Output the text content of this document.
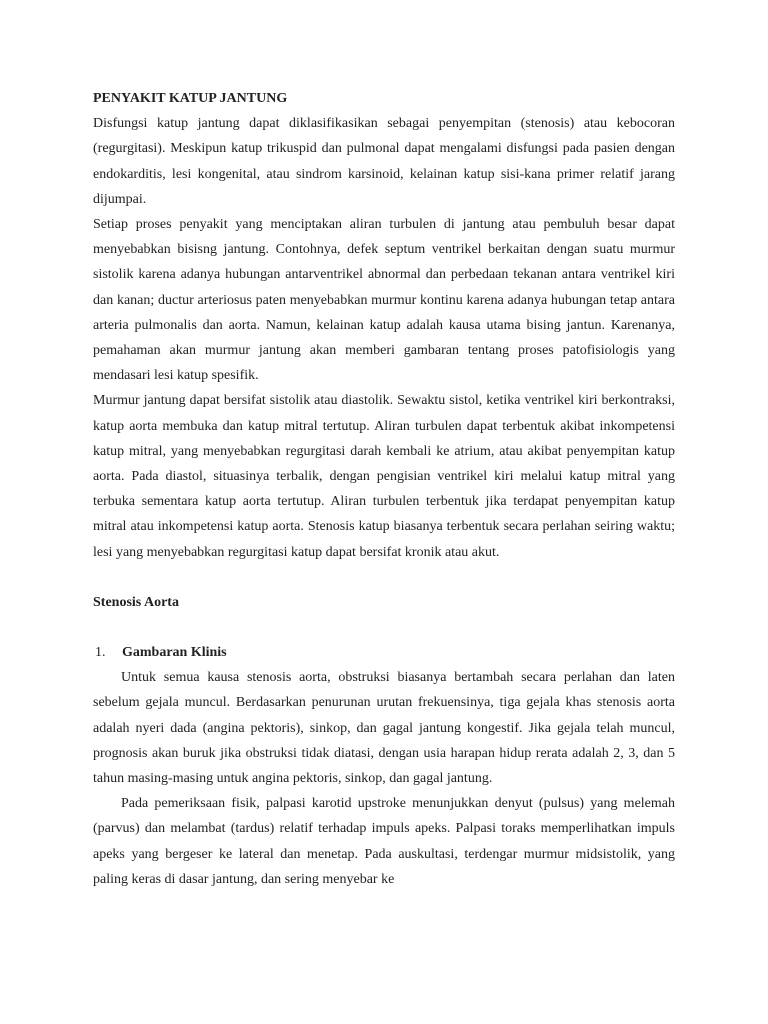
PENYAKIT KATUP JANTUNG

Disfungsi katup jantung dapat diklasifikasikan sebagai penyempitan (stenosis) atau kebocoran (regurgitasi). Meskipun katup trikuspid dan pulmonal dapat mengalami disfungsi pada pasien dengan endokarditis, lesi kongenital, atau sindrom karsinoid, kelainan katup sisi-kana primer relatif jarang dijumpai.

Setiap proses penyakit yang menciptakan aliran turbulen di jantung atau pembuluh besar dapat menyebabkan bisisng jantung. Contohnya, defek septum ventrikel berkaitan dengan suatu murmur sistolik karena adanya hubungan antarventrikel abnormal dan perbedaan tekanan antara ventrikel kiri dan kanan; ductur arteriosus paten menyebabkan murmur kontinu karena adanya hubungan tetap antara arteria pulmonalis dan aorta. Namun, kelainan katup adalah kausa utama bising jantun. Karenanya, pemahaman akan murmur jantung akan memberi gambaran tentang proses patofisiologis yang mendasari lesi katup spesifik.

Murmur jantung dapat bersifat sistolik atau diastolik. Sewaktu sistol, ketika ventrikel kiri berkontraksi, katup aorta membuka dan katup mitral tertutup. Aliran turbulen dapat terbentuk akibat inkompetensi katup mitral, yang menyebabkan regurgitasi darah kembali ke atrium, atau akibat penyempitan katup aorta. Pada diastol, situasinya terbalik, dengan pengisian ventrikel kiri melalui katup mitral yang terbuka sementara katup aorta tertutup. Aliran turbulen terbentuk jika terdapat penyempitan katup mitral atau inkompetensi katup aorta. Stenosis katup biasanya terbentuk secara perlahan seiring waktu; lesi yang menyebabkan regurgitasi katup dapat bersifat kronik atau akut.

Stenosis Aorta
1.	Gambaran Klinis

Untuk semua kausa stenosis aorta, obstruksi biasanya bertambah secara perlahan dan laten sebelum gejala muncul. Berdasarkan penurunan urutan frekuensinya, tiga gejala khas stenosis aorta adalah nyeri dada (angina pektoris), sinkop, dan gagal jantung kongestif. Jika gejala telah muncul, prognosis akan buruk jika obstruksi tidak diatasi, dengan usia harapan hidup rerata adalah 2, 3, dan 5 tahun masing-masing untuk angina pektoris, sinkop, dan gagal jantung.

Pada pemeriksaan fisik, palpasi karotid upstroke menunjukkan denyut (pulsus) yang melemah (parvus) dan melambat (tardus) relatif terhadap impuls apeks. Palpasi toraks memperlihatkan impuls apeks yang bergeser ke lateral dan menetap. Pada auskultasi, terdengar murmur midsistolik, yang paling keras di dasar jantung, dan sering menyebar ke
